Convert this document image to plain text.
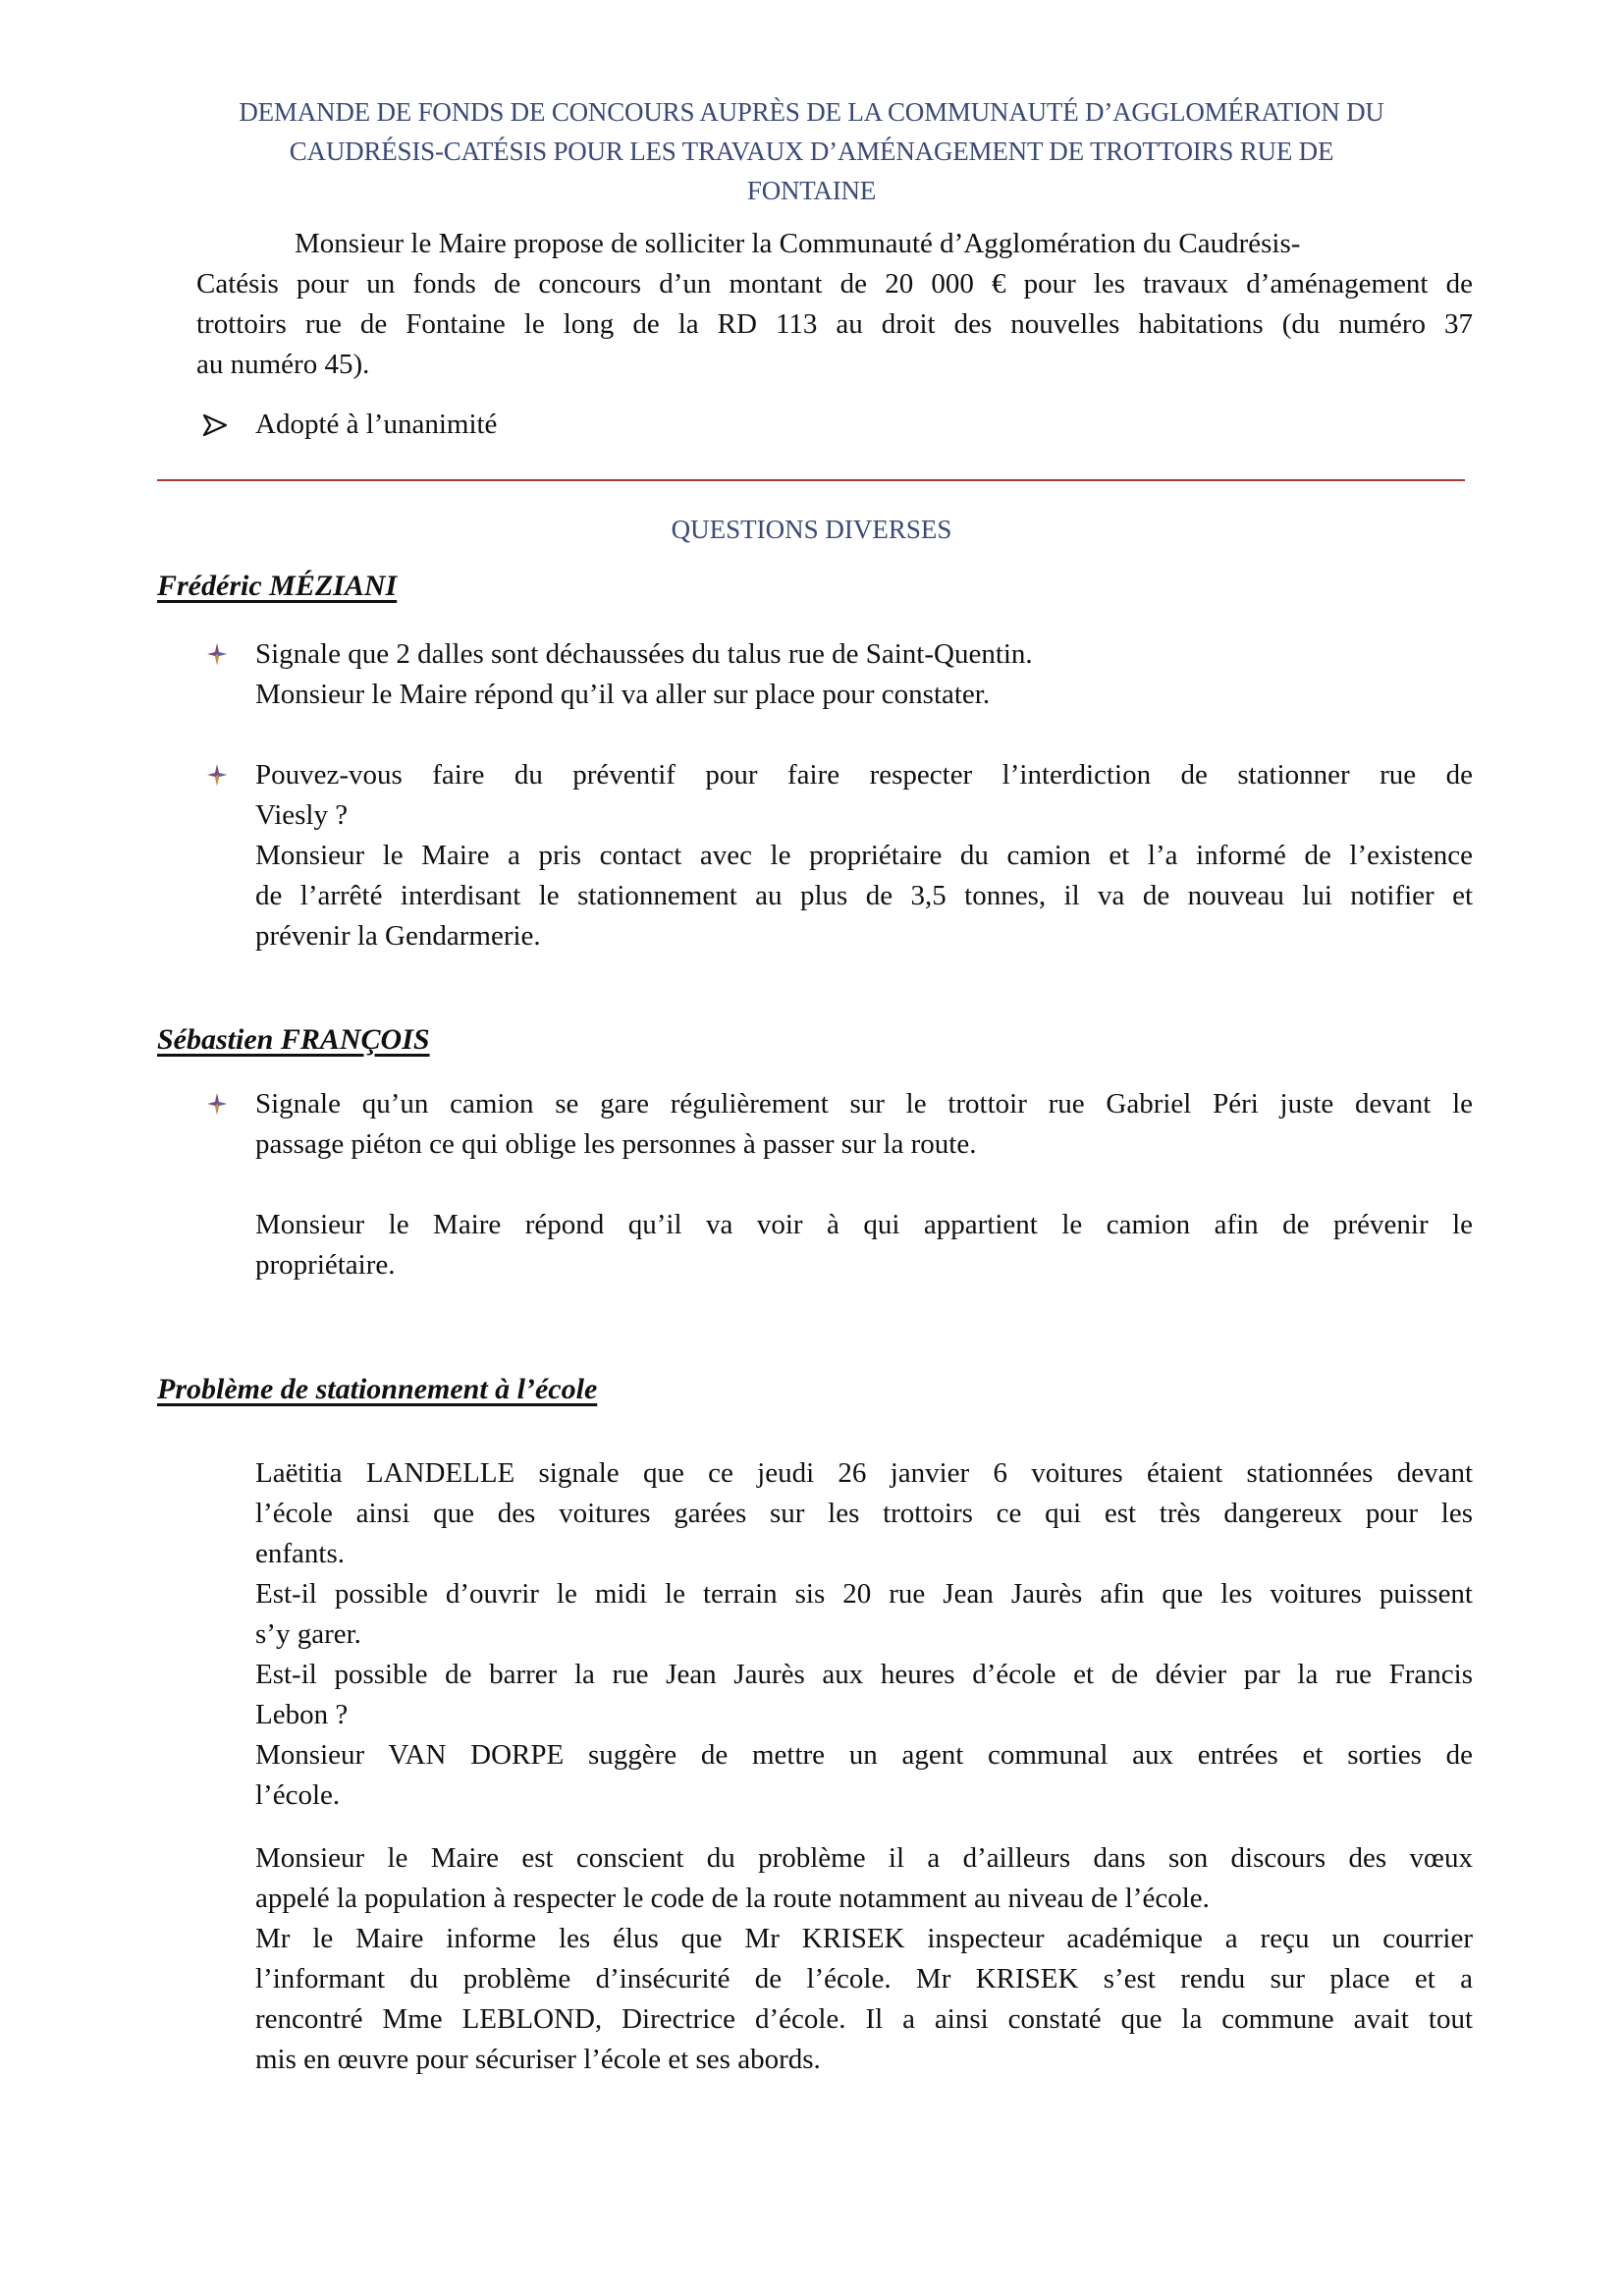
DEMANDE DE FONDS DE CONCOURS AUPRÈS DE LA COMMUNAUTÉ D’AGGLOMÉRATION DU
CAUDRÉSIS-CATÉSIS POUR LES TRAVAUX D’AMÉNAGEMENT DE TROTTOIRS RUE DE
FONTAINE
Monsieur le Maire propose de solliciter la Communauté d’Agglomération du Caudrésis-
Catésis pour un fonds de concours d’un montant de 20 000 € pour les travaux d’aménagement de
trottoirs rue de Fontaine le long de la RD 113 au droit des nouvelles habitations (du numéro 37
au numéro 45).
Adopté à l’unanimité
QUESTIONS DIVERSES
Frédéric MÉZIANI
Signale que 2 dalles sont déchaussées du talus rue de Saint-Quentin.
Monsieur le Maire répond qu’il va aller sur place pour constater.
Pouvez-vous faire du préventif pour faire respecter l’interdiction de stationner rue de
Viesly ?
Monsieur le Maire a pris contact avec le propriétaire du camion et l’a informé de l’existence
de l’arrêté interdisant le stationnement au plus de 3,5 tonnes, il va de nouveau lui notifier et
prévenir la Gendarmerie.
Sébastien FRANÇOIS
Signale qu’un camion se gare régulièrement sur le trottoir rue Gabriel Péri juste devant le
passage piéton ce qui oblige les personnes à passer sur la route.
Monsieur le Maire répond qu’il va voir à qui appartient le camion afin de prévenir le
propriétaire.
Problème de stationnement à l’école
Laëtitia LANDELLE signale que ce jeudi 26 janvier 6 voitures étaient stationnées devant
l’école ainsi que des voitures garées sur les trottoirs ce qui est très dangereux pour les
enfants.
Est-il possible d’ouvrir le midi le terrain sis 20 rue Jean Jaurès afin que les voitures puissent
s’y garer.
Est-il possible de barrer la rue Jean Jaurès aux heures d’école et de dévier par la rue Francis
Lebon ?
Monsieur VAN DORPE suggère de mettre un agent communal aux entrées et sorties de
l’école.
Monsieur le Maire est conscient du problème il a d’ailleurs dans son discours des vœux
appelé la population à respecter le code de la route notamment au niveau de l’école.
Mr le Maire informe les élus que Mr KRISEK inspecteur académique a reçu un courrier
l’informant du problème d’insécurité de l’école. Mr KRISEK s’est rendu sur place et a
rencontré Mme LEBLOND, Directrice d’école. Il a ainsi constaté que la commune avait tout
mis en œuvre pour sécuriser l’école et ses abords.
